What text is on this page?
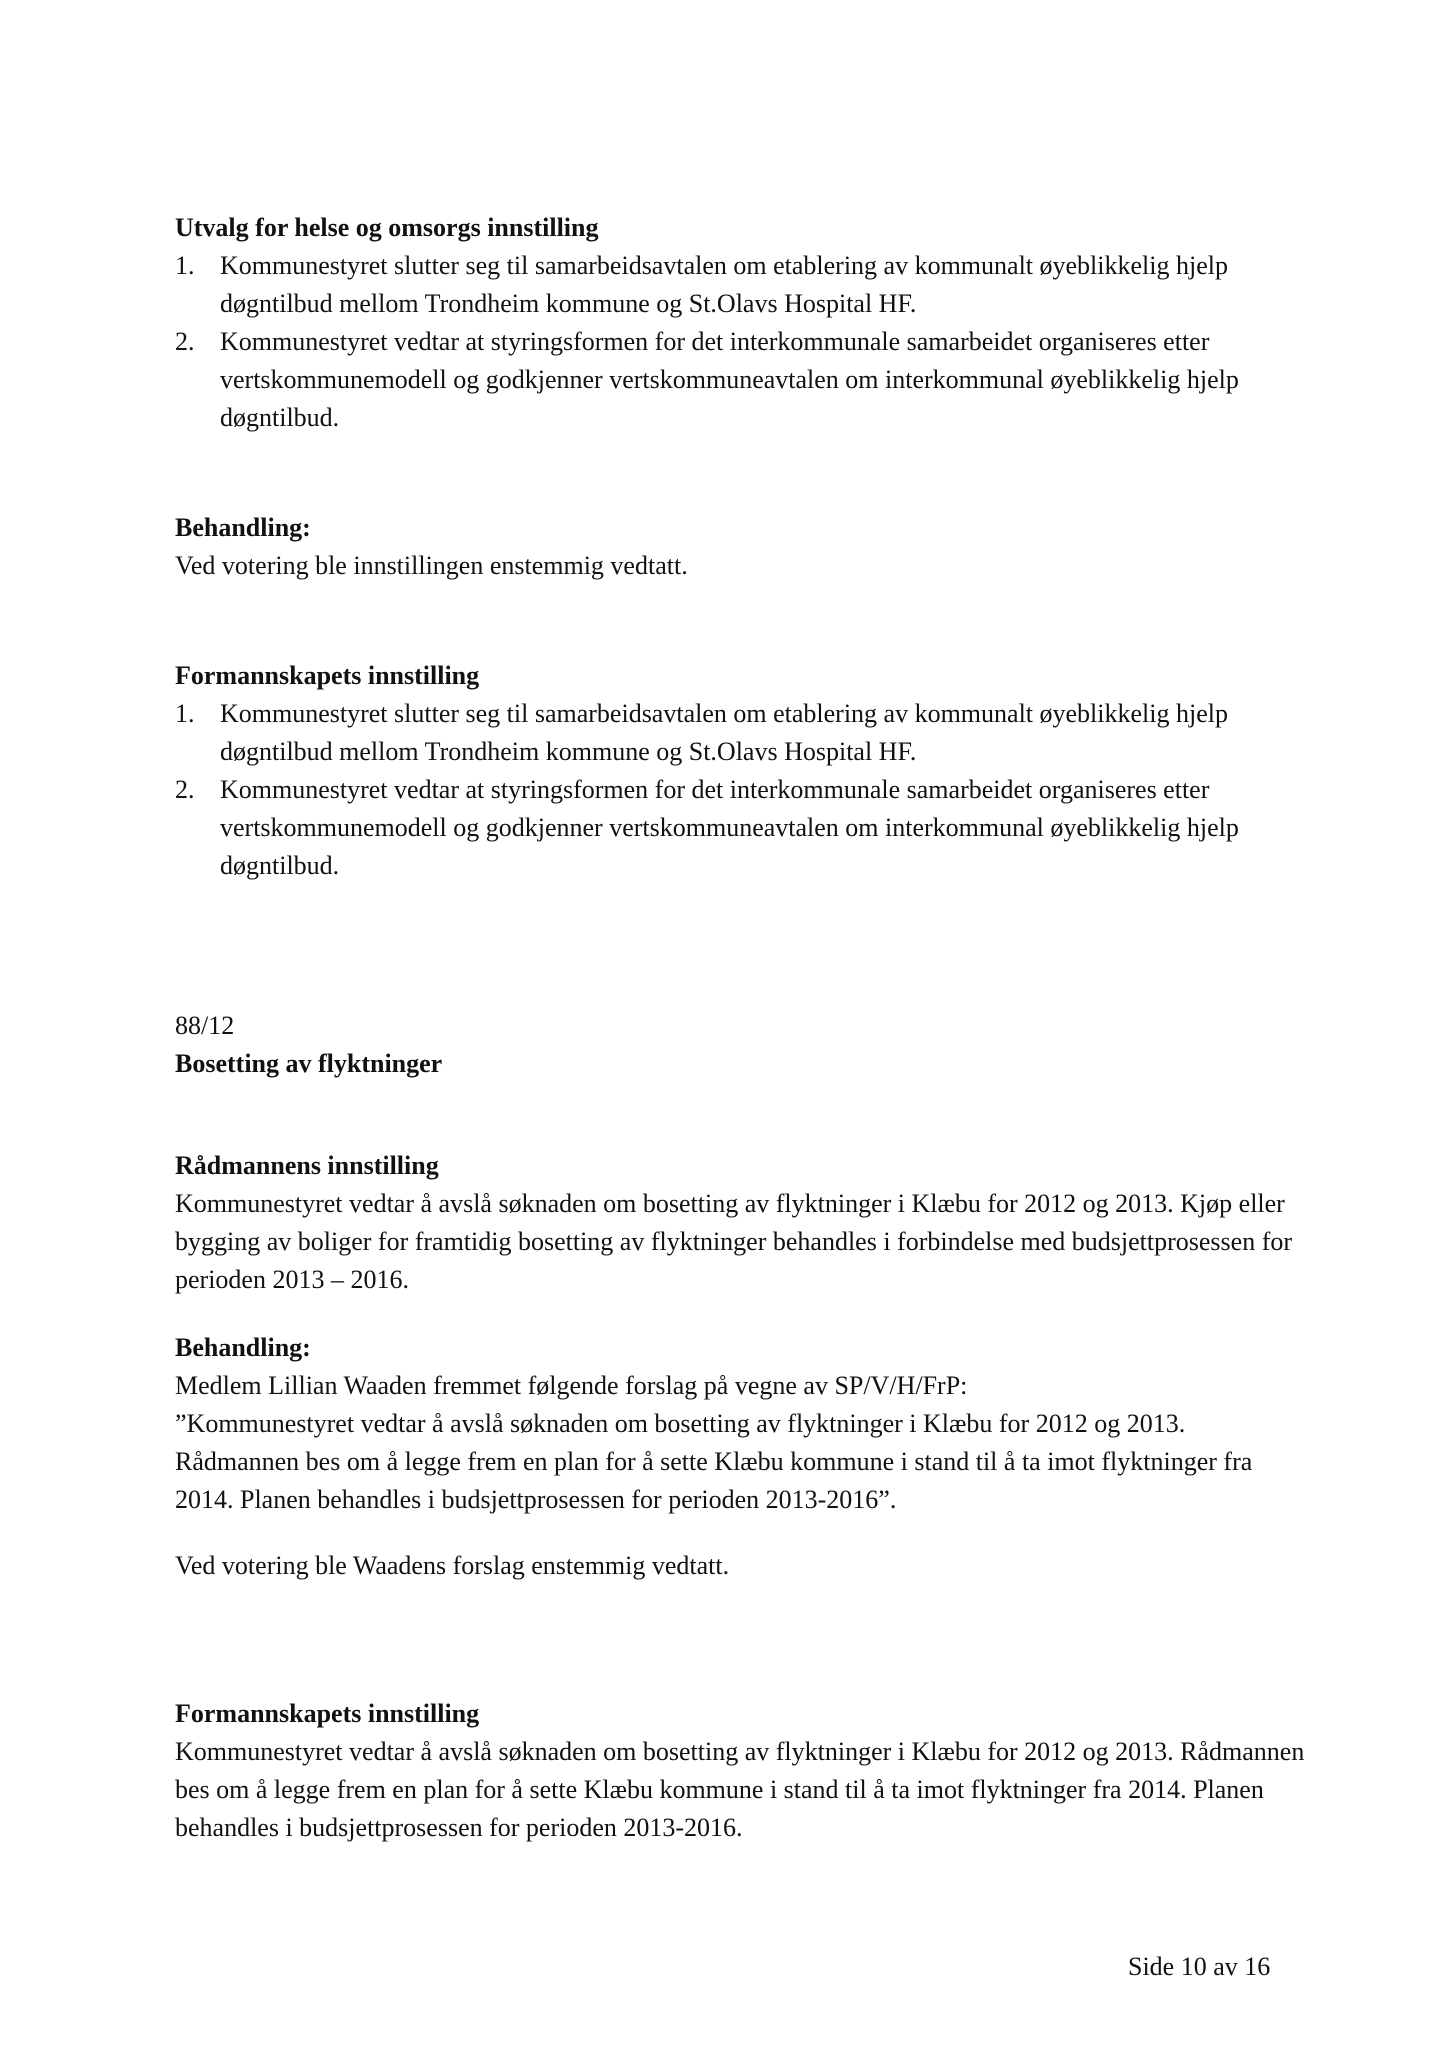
Utvalg for helse og omsorgs innstilling

1. Kommunestyret slutter seg til samarbeidsavtalen om etablering av kommunalt øyeblikkelig hjelp døgntilbud mellom Trondheim kommune og St.Olavs Hospital HF.
2. Kommunestyret vedtar at styringsformen for det interkommunale samarbeidet organiseres etter vertskommunemodell og godkjenner vertskommuneavtalen om interkommunal øyeblikkelig hjelp døgntilbud.

Behandling:

Ved votering ble innstillingen enstemmig vedtatt.

Formannskapets innstilling

1. Kommunestyret slutter seg til samarbeidsavtalen om etablering av kommunalt øyeblikkelig hjelp døgntilbud mellom Trondheim kommune og St.Olavs Hospital HF.
2. Kommunestyret vedtar at styringsformen for det interkommunale samarbeidet organiseres etter vertskommunemodell og godkjenner vertskommuneavtalen om interkommunal øyeblikkelig hjelp døgntilbud.

88/12

Bosetting av flyktninger

Rådmannens innstilling

Kommunestyret vedtar å avslå søknaden om bosetting av flyktninger i Klæbu for 2012 og 2013. Kjøp eller bygging av boliger for framtidig bosetting av flyktninger behandles i forbindelse med budsjettprosessen for perioden 2013 – 2016.

Behandling:

Medlem Lillian Waaden fremmet følgende forslag på vegne av SP/V/H/FrP:

”Kommunestyret vedtar å avslå søknaden om bosetting av flyktninger i Klæbu for 2012 og 2013. Rådmannen bes om å legge frem en plan for å sette Klæbu kommune i stand til å ta imot flyktninger fra 2014. Planen behandles i budsjettprosessen for perioden 2013-2016”.

Ved votering ble Waadens forslag enstemmig vedtatt.

Formannskapets innstilling

Kommunestyret vedtar å avslå søknaden om bosetting av flyktninger i Klæbu for 2012 og 2013. Rådmannen bes om å legge frem en plan for å sette Klæbu kommune i stand til å ta imot flyktninger fra 2014. Planen behandles i budsjettprosessen for perioden 2013-2016.

Side 10 av 16
